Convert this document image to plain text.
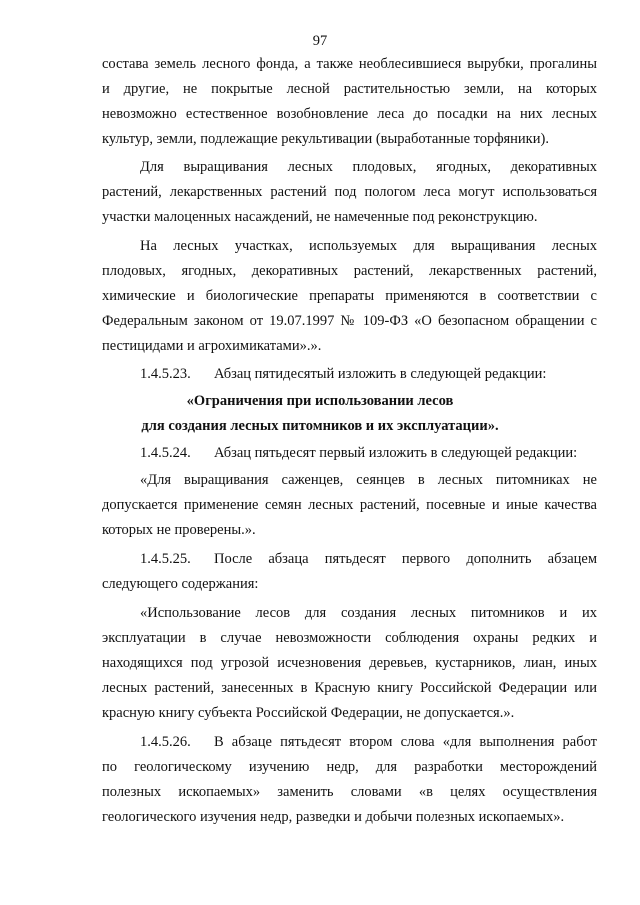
97
состава земель лесного фонда, а также необлесившиеся вырубки, прогалины
и другие, не покрытые лесной растительностью земли, на которых
невозможно естественное возобновление леса до посадки на них лесных
культур, земли, подлежащие рекультивации (выработанные торфяники).
Для выращивания лесных плодовых, ягодных, декоративных
растений, лекарственных растений под пологом леса могут использоваться
участки малоценных насаждений, не намеченные под реконструкцию.
На лесных участках, используемых для выращивания лесных
плодовых, ягодных, декоративных растений, лекарственных растений,
химические и биологические препараты применяются в соответствии с
Федеральным законом от 19.07.1997 № 109-ФЗ «О безопасном обращении с
пестицидами и агрохимикатами».».
1.4.5.23. Абзац пятидесятый изложить в следующей редакции:
«Ограничения при использовании лесов
для создания лесных питомников и их эксплуатации».
1.4.5.24. Абзац пятьдесят первый изложить в следующей редакции:
«Для выращивания саженцев, сеянцев в лесных питомниках не
допускается применение семян лесных растений, посевные и иные качества
которых не проверены.».
1.4.5.25. После абзаца пятьдесят первого дополнить абзацем
следующего содержания:
«Использование лесов для создания лесных питомников и их
эксплуатации в случае невозможности соблюдения охраны редких и
находящихся под угрозой исчезновения деревьев, кустарников, лиан, иных
лесных растений, занесенных в Красную книгу Российской Федерации или
красную книгу субъекта Российской Федерации, не допускается.».
1.4.5.26. В абзаце пятьдесят втором слова «для выполнения работ
по геологическому изучению недр, для разработки месторождений
полезных ископаемых» заменить словами «в целях осуществления
геологического изучения недр, разведки и добычи полезных ископаемых».
